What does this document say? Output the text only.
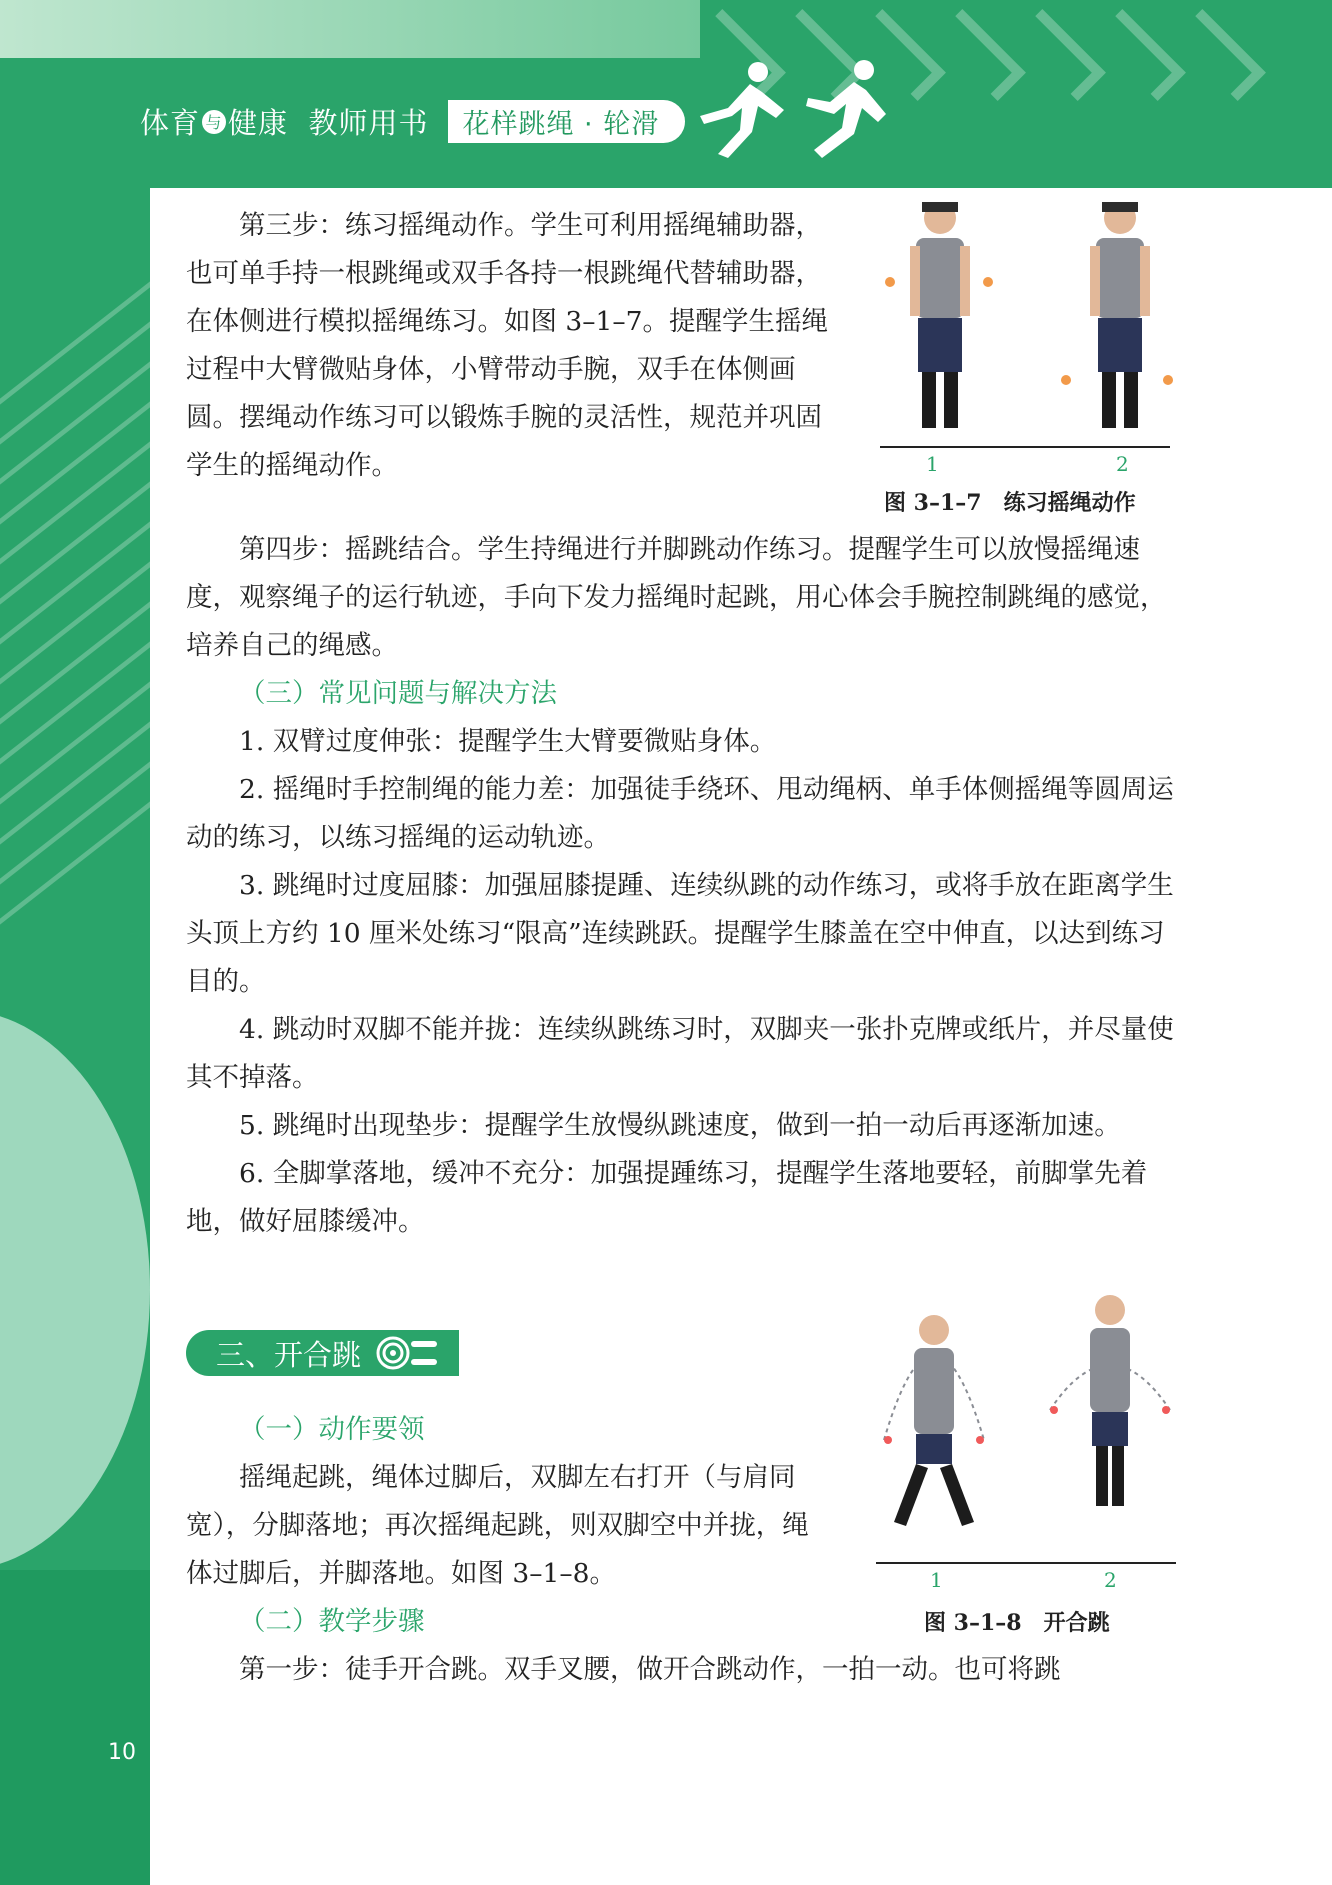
体育 与 健康  教师用书	花样跳绳 · 轮滑

第三步：练习摇绳动作。学生可利用摇绳辅助器，也可单手持一根跳绳或双手各持一根跳绳代替辅助器，在体侧进行模拟摇绳练习。如图 3–1–7。提醒学生摇绳过程中大臂微贴身体，小臂带动手腕，双手在体侧画圆。摆绳动作练习可以锻炼手腕的灵活性，规范并巩固学生的摇绳动作。	1	2
图 3–1–7　练习摇绳动作

第四步：摇跳结合。学生持绳进行并脚跳动作练习。提醒学生可以放慢摇绳速度，观察绳子的运行轨迹，手向下发力摇绳时起跳，用心体会手腕控制跳绳的感觉，培养自己的绳感。

（三）常见问题与解决方法

1. 双臂过度伸张：提醒学生大臂要微贴身体。

2. 摇绳时手控制绳的能力差：加强徒手绕环、甩动绳柄、单手体侧摇绳等圆周运动的练习，以练习摇绳的运动轨迹。

3. 跳绳时过度屈膝：加强屈膝提踵、连续纵跳的动作练习，或将手放在距离学生头顶上方约 10 厘米处练习“限高”连续跳跃。提醒学生膝盖在空中伸直，以达到练习目的。

4. 跳动时双脚不能并拢：连续纵跳练习时，双脚夹一张扑克牌或纸片，并尽量使其不掉落。

5. 跳绳时出现垫步：提醒学生放慢纵跳速度，做到一拍一动后再逐渐加速。

6. 全脚掌落地，缓冲不充分：加强提踵练习，提醒学生落地要轻，前脚掌先着地，做好屈膝缓冲。

三、开合跳

（一）动作要领

摇绳起跳，绳体过脚后，双脚左右打开（与肩同宽），分脚落地；再次摇绳起跳，则双脚空中并拢，绳体过脚后，并脚落地。如图 3–1–8。

（二）教学步骤

第一步：徒手开合跳。双手叉腰，做开合跳动作，一拍一动。也可将跳

1	2
图 3–1–8　开合跳
10
